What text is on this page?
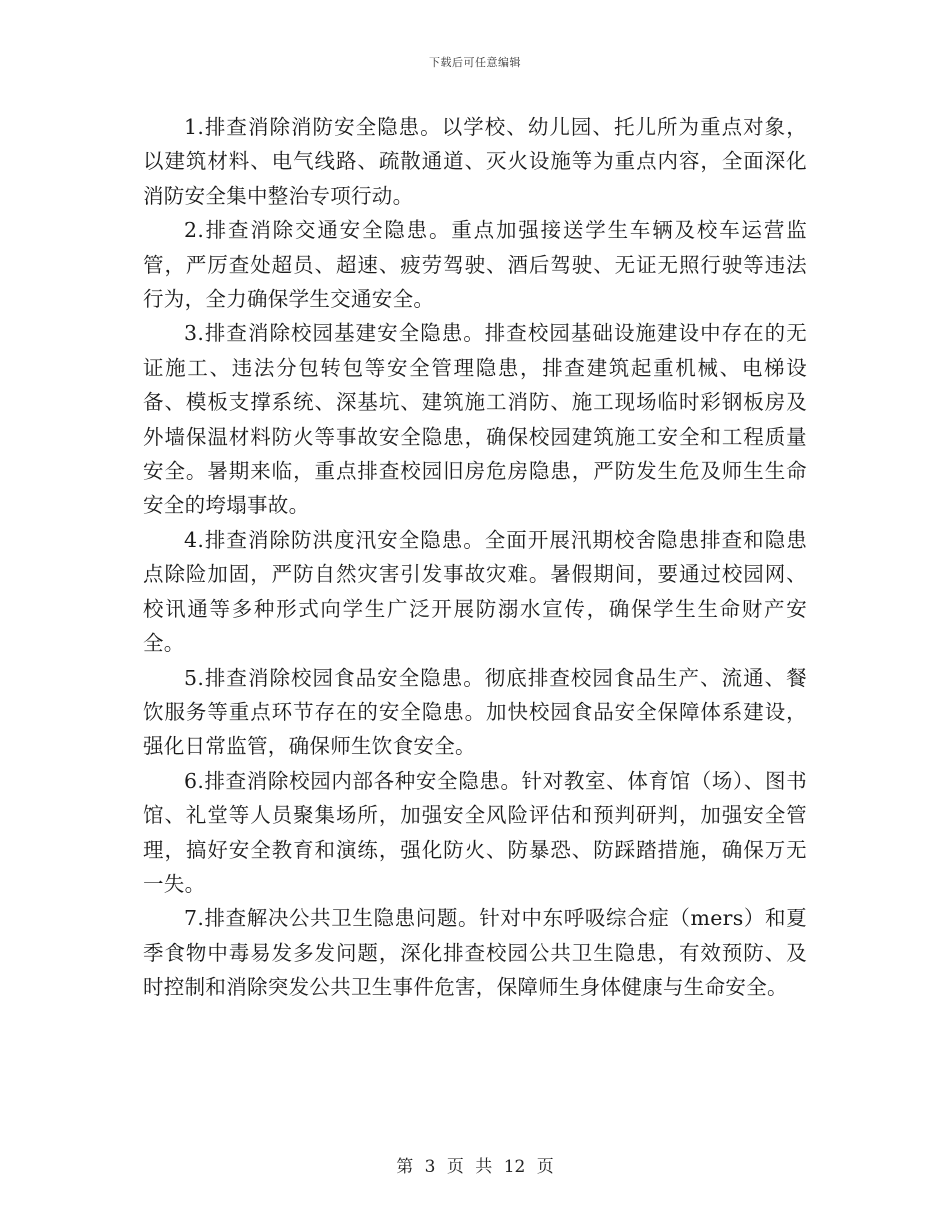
下载后可任意编辑

1.排查消除消防安全隐患。以学校、幼儿园、托儿所为重点对象，以建筑材料、电气线路、疏散通道、灭火设施等为重点内容，全面深化消防安全集中整治专项行动。

2.排查消除交通安全隐患。重点加强接送学生车辆及校车运营监管，严厉查处超员、超速、疲劳驾驶、酒后驾驶、无证无照行驶等违法行为，全力确保学生交通安全。

3.排查消除校园基建安全隐患。排查校园基础设施建设中存在的无证施工、违法分包转包等安全管理隐患，排查建筑起重机械、电梯设备、模板支撑系统、深基坑、建筑施工消防、施工现场临时彩钢板房及外墙保温材料防火等事故安全隐患，确保校园建筑施工安全和工程质量安全。暑期来临，重点排查校园旧房危房隐患，严防发生危及师生生命安全的垮塌事故。

4.排查消除防洪度汛安全隐患。全面开展汛期校舍隐患排查和隐患点除险加固，严防自然灾害引发事故灾难。暑假期间，要通过校园网、校讯通等多种形式向学生广泛开展防溺水宣传，确保学生生命财产安全。

5.排查消除校园食品安全隐患。彻底排查校园食品生产、流通、餐饮服务等重点环节存在的安全隐患。加快校园食品安全保障体系建设，强化日常监管，确保师生饮食安全。

6.排查消除校园内部各种安全隐患。针对教室、体育馆（场）、图书馆、礼堂等人员聚集场所，加强安全风险评估和预判研判，加强安全管理，搞好安全教育和演练，强化防火、防暴恐、防踩踏措施，确保万无一失。

7.排查解决公共卫生隐患问题。针对中东呼吸综合症（mers）和夏季食物中毒易发多发问题，深化排查校园公共卫生隐患，有效预防、及时控制和消除突发公共卫生事件危害，保障师生身体健康与生命安全。

第 3 页 共 12 页
